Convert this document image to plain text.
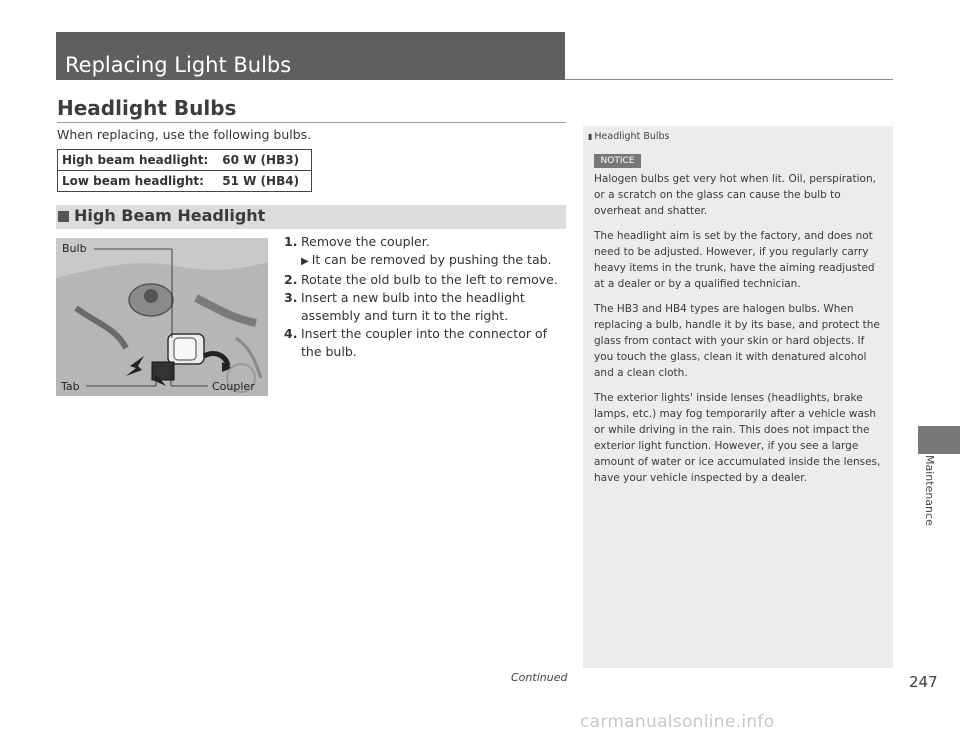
Replacing Light Bulbs
Headlight Bulbs
When replacing, use the following bulbs.
High beam headlight:	60 W (HB3)
Low beam headlight:	51 W (HB4)
High Beam Headlight
Bulb
Tab	Coupler
1. Remove the coupler.
▶ It can be removed by pushing the tab.
2. Rotate the old bulb to the left to remove.
3. Insert a new bulb into the headlight assembly and turn it to the right.
4. Insert the coupler into the connector of the bulb.
▮ Headlight Bulbs
NOTICE

Halogen bulbs get very hot when lit. Oil, perspiration, or a scratch on the glass can cause the bulb to overheat and shatter.

The headlight aim is set by the factory, and does not need to be adjusted. However, if you regularly carry heavy items in the trunk, have the aiming readjusted at a dealer or by a qualified technician.

The HB3 and HB4 types are halogen bulbs. When replacing a bulb, handle it by its base, and protect the glass from contact with your skin or hard objects. If you touch the glass, clean it with denatured alcohol and a clean cloth.

The exterior lights' inside lenses (headlights, brake lamps, etc.) may fog temporarily after a vehicle wash or while driving in the rain. This does not impact the exterior light function. However, if you see a large amount of water or ice accumulated inside the lenses, have your vehicle inspected by a dealer.	Maintenance
Continued	247
carmanualsonline.info
